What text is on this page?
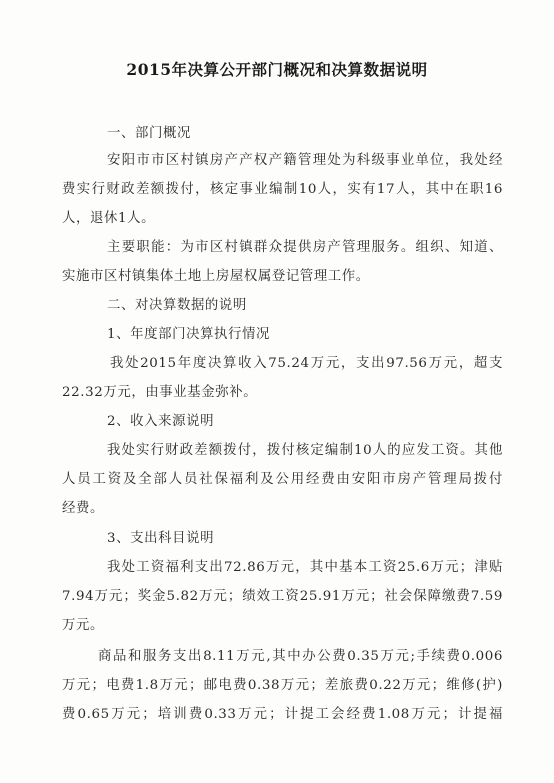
2015年决算公开部门概况和决算数据说明
一、部门概况
安阳市市区村镇房产产权产籍管理处为科级事业单位，我处经
费实行财政差额拨付，核定事业编制10人，实有17人，其中在职16
人，退休1人。
主要职能：为市区村镇群众提供房产管理服务。组织、知道、
实施市区村镇集体土地上房屋权属登记管理工作。
二、对决算数据的说明
1、年度部门决算执行情况
我处2015年度决算收入75.24万元，支出97.56万元，超支
22.32万元，由事业基金弥补。
2、收入来源说明
我处实行财政差额拨付，拨付核定编制10人的应发工资。其他
人员工资及全部人员社保福利及公用经费由安阳市房产管理局拨付
经费。
3、支出科目说明
我处工资福利支出72.86万元，其中基本工资25.6万元；津贴
7.94万元；奖金5.82万元；绩效工资25.91万元；社会保障缴费7.59
万元。
商品和服务支出8.11万元,其中办公费0.35万元;手续费0.006
万元；电费1.8万元；邮电费0.38万元；差旅费0.22万元；维修(护)
费0.65万元；培训费0.33万元；计提工会经费1.08万元；计提福
